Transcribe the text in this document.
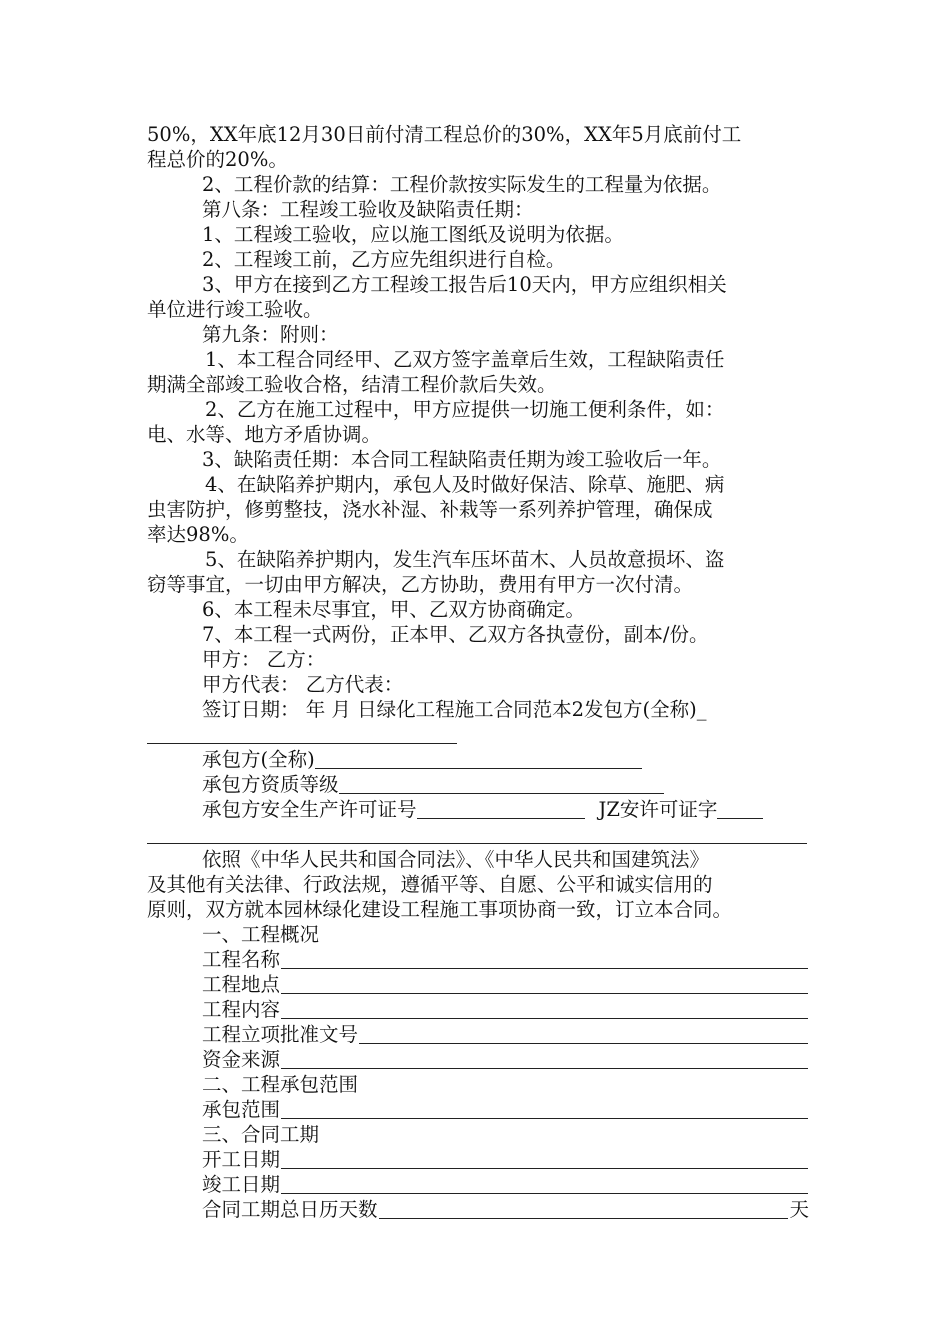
50%，XX年底12月30日前付清工程总价的30%，XX年5月底前付工
程总价的20%。
2、工程价款的结算：工程价款按实际发生的工程量为依据。
第八条：工程竣工验收及缺陷责任期：
1、工程竣工验收，应以施工图纸及说明为依据。
2、工程竣工前，乙方应先组织进行自检。
3、甲方在接到乙方工程竣工报告后10天内，甲方应组织相关
单位进行竣工验收。
第九条：附则：
1、本工程合同经甲、乙双方签字盖章后生效，工程缺陷责任
期满全部竣工验收合格，结清工程价款后失效。
2、乙方在施工过程中，甲方应提供一切施工便利条件，如：
电、水等、地方矛盾协调。
3、缺陷责任期：本合同工程缺陷责任期为竣工验收后一年。
4、在缺陷养护期内，承包人及时做好保洁、除草、施肥、病
虫害防护，修剪整技，浇水补湿、补栽等一系列养护管理，确保成
率达98%。
5、在缺陷养护期内，发生汽车压坏苗木、人员故意损坏、盗
窃等事宜，一切由甲方解决，乙方协助，费用有甲方一次付清。
6、本工程未尽事宜，甲、乙双方协商确定。
7、本工程一式两份，正本甲、乙双方各执壹份，副本/份。
甲方： 乙方：
甲方代表： 乙方代表：
签订日期： 年 月 日绿化工程施工合同范本2发包方(全称)_
承包方(全称)
承包方资质等级
承包方安全生产许可证号	JZ安许可证字
依照《中华人民共和国合同法》、《中华人民共和国建筑法》
及其他有关法律、行政法规，遵循平等、自愿、公平和诚实信用的
原则，双方就本园林绿化建设工程施工事项协商一致，订立本合同。
一、工程概况
工程名称
工程地点
工程内容
工程立项批准文号
资金来源
二、工程承包范围
承包范围
三、合同工期
开工日期
竣工日期
合同工期总日历天数	天
